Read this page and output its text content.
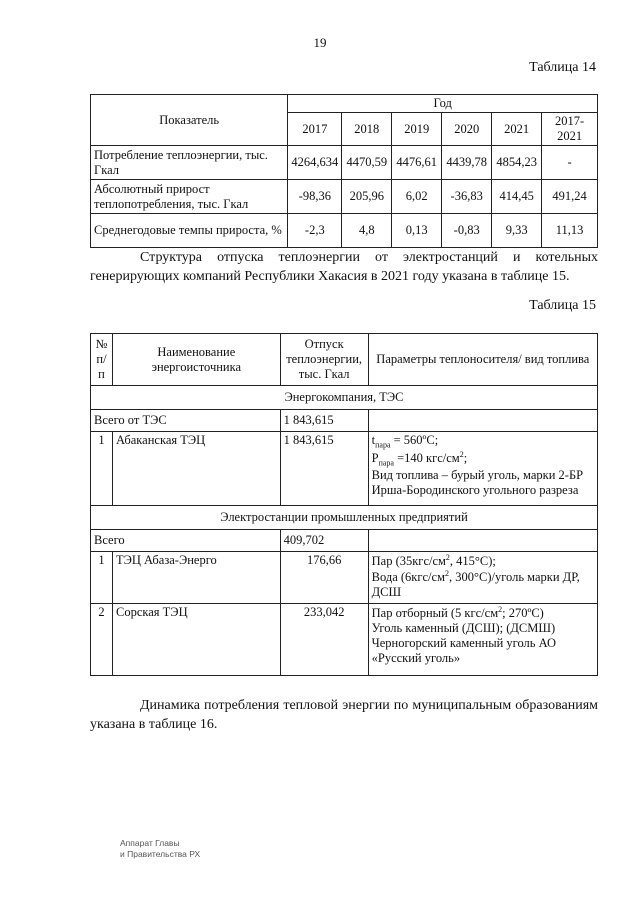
19
Таблица 14
Показатель	Год					
	2017	2018	2019	2020	2021	2017-2021
Потребление теплоэнергии, тыс. Гкал	4264,634	4470,59	4476,61	4439,78	4854,23	-
Абсолютный прирост теплопотребления, тыс. Гкал	-98,36	205,96	6,02	-36,83	414,45	491,24
Среднегодовые темпы прироста, %	-2,3	4,8	0,13	-0,83	9,33	11,13
Структура отпуска теплоэнергии от электростанций и котельных генерирующих компаний Республики Хакасия в 2021 году указана в таблице 15.
Таблица 15
№ п/п	Наименование энергоисточника	Отпуск теплоэнергии, тыс. Гкал	Параметры теплоносителя/ вид топлива
Энергокомпания, ТЭС			
Всего от ТЭС		1 843,615	
1	Абаканская ТЭЦ	1 843,615	$t_{пара}$ = 560ºС;
$Р_{пара} =140$ кгс/$см^2$;
Вид топлива – бурый уголь, марки 2-БР
Ирша-Бородинского угольного разреза

Электростанции промышленных предприятий			
Всего		409,702	
1	ТЭЦ Абаза-Энерго	176,66	Пар ($35кгс/см^2$, 415°С);
Вода ($6кгс/см^2$, 300°С)/уголь марки ДР,
ДСШ

2	Сорская ТЭЦ	233,042	Пар отборный (5 кгс/$см^2$; 270ºС)
Уголь каменный (ДСШ); (ДСМШ)
Черногорский каменный уголь АО
«Русский уголь»
Динамика потребления тепловой энергии по муниципальным образованиям указана в таблице 16.
Аппарат Главы
и Правительства РХ
